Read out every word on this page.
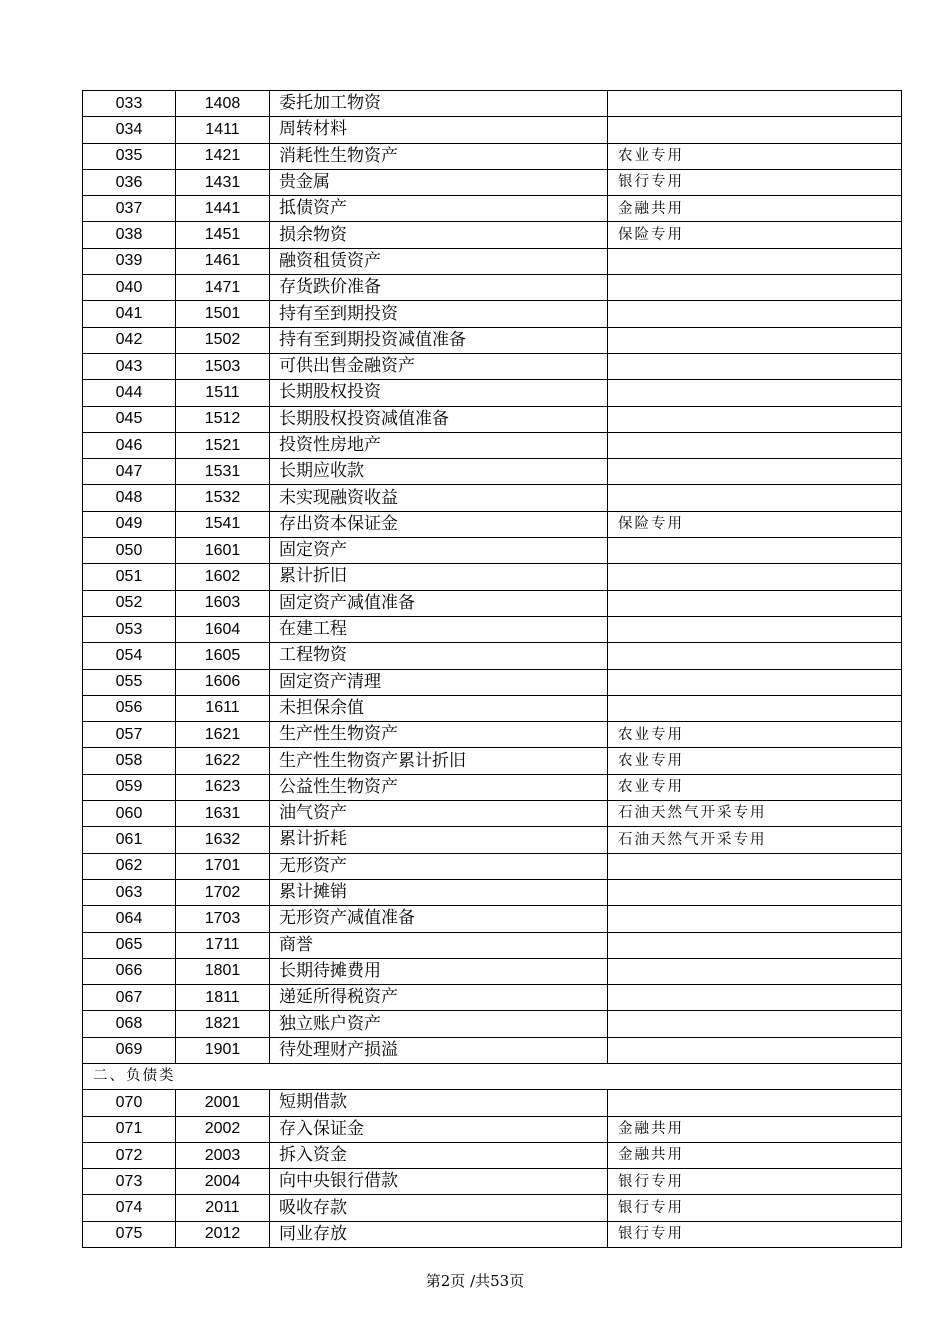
033	1408	委托加工物资	
034	1411	周转材料	
035	1421	消耗性生物资产	农业专用
036	1431	贵金属	银行专用
037	1441	抵债资产	金融共用
038	1451	损余物资	保险专用
039	1461	融资租赁资产	
040	1471	存货跌价准备	
041	1501	持有至到期投资	
042	1502	持有至到期投资减值准备	
043	1503	可供出售金融资产	
044	1511	长期股权投资	
045	1512	长期股权投资减值准备	
046	1521	投资性房地产	
047	1531	长期应收款	
048	1532	未实现融资收益	
049	1541	存出资本保证金	保险专用
050	1601	固定资产	
051	1602	累计折旧	
052	1603	固定资产减值准备	
053	1604	在建工程	
054	1605	工程物资	
055	1606	固定资产清理	
056	1611	未担保余值	
057	1621	生产性生物资产	农业专用
058	1622	生产性生物资产累计折旧	农业专用
059	1623	公益性生物资产	农业专用
060	1631	油气资产	石油天然气开采专用
061	1632	累计折耗	石油天然气开采专用
062	1701	无形资产	
063	1702	累计摊销	
064	1703	无形资产减值准备	
065	1711	商誉	
066	1801	长期待摊费用	
067	1811	递延所得税资产	
068	1821	独立账户资产	
069	1901	待处理财产损溢	
二、负债类			
070	2001	短期借款	
071	2002	存入保证金	金融共用
072	2003	拆入资金	金融共用
073	2004	向中央银行借款	银行专用
074	2011	吸收存款	银行专用
075	2012	同业存放	银行专用
第2页 /共53页
